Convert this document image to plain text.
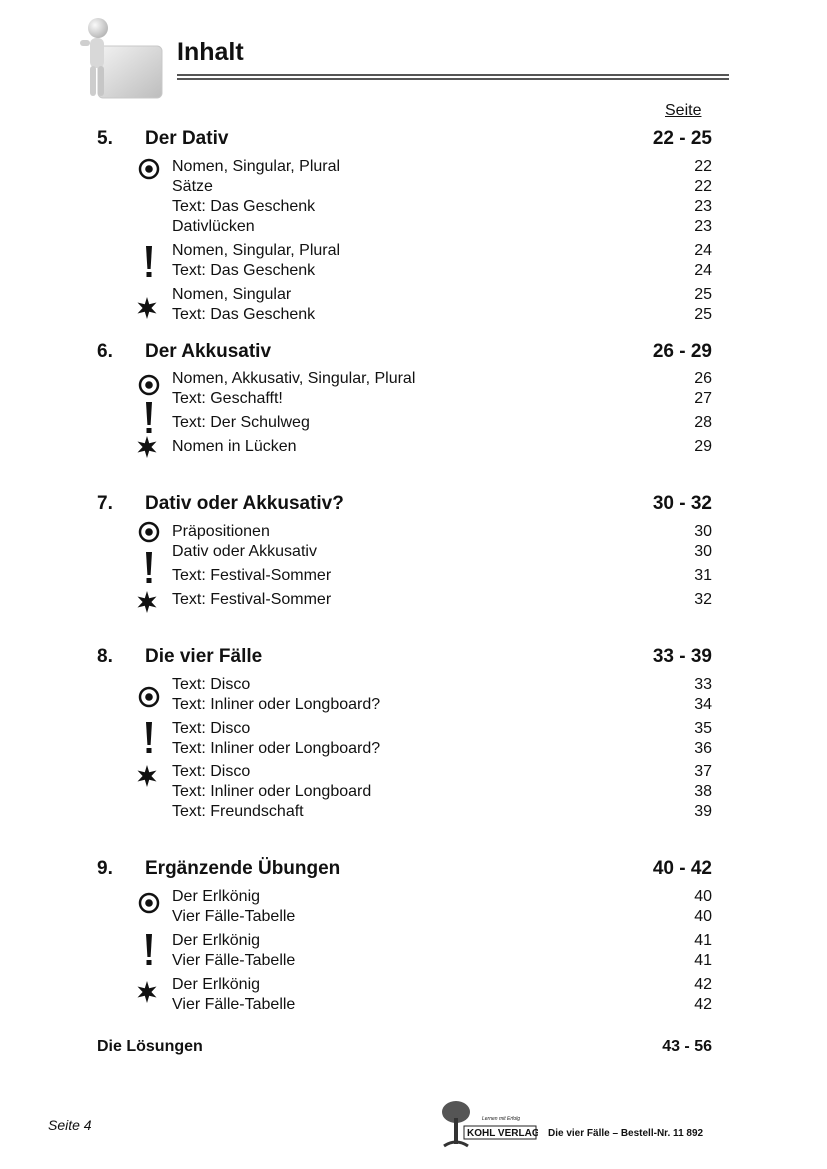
Inhalt
Seite
5. Der Dativ	22 - 25
Nomen, Singular, Plural	22
Sätze	22
Text: Das Geschenk	23
Dativlücken	23
Nomen, Singular, Plural	24
Text: Das Geschenk	24
Nomen, Singular	25
Text: Das Geschenk	25
6. Der Akkusativ	26 - 29
Nomen, Akkusativ, Singular, Plural	26
Text: Geschafft!	27
Text: Der Schulweg	28
Nomen in Lücken	29
7. Dativ oder Akkusativ?	30 - 32
Präpositionen	30
Dativ oder Akkusativ	30
Text: Festival-Sommer	31
Text: Festival-Sommer	32
8. Die vier Fälle	33 - 39
Text: Disco	33
Text: Inliner oder Longboard?	34
Text: Disco	35
Text: Inliner oder Longboard?	36
Text: Disco	37
Text: Inliner oder Longboard	38
Text: Freundschaft	39
9. Ergänzende Übungen	40 - 42
Der Erlkönig	40
Vier Fälle-Tabelle	40
Der Erlkönig	41
Vier Fälle-Tabelle	41
Der Erlkönig	42
Vier Fälle-Tabelle	42
Die Lösungen	43 - 56
Seite 4	Lernen mit Erfolg
KOHL VERLAG Die vier Fälle – Bestell-Nr. 11 892
